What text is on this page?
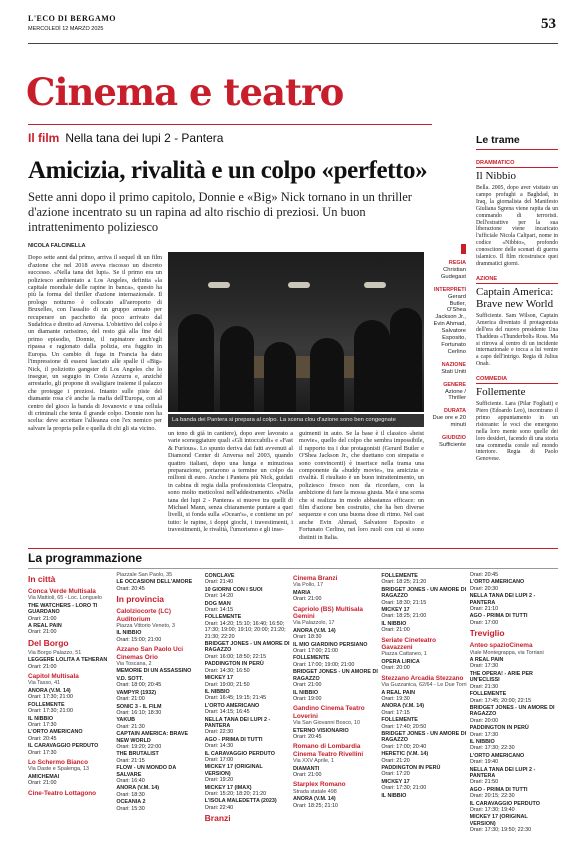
L'ECO DI BERGAMO
MERCOLEDÌ 12 MARZO 2025	53
Cinema e teatro
Il film Nella tana dei lupi 2 - Pantera
Amicizia, rivalità e un colpo «perfetto»
Sette anni dopo il primo capitolo, Donnie e «Big» Nick tornano in un thriller d'azione incentrato su un rapina ad alto rischio di preziosi. Un buon intrattenimento poliziesco
NICOLA FALCINELLA

Dopo sette anni dal primo, arriva il sequel di un film d'azione che nel 2018 aveva riscosso un discreto successo. «Nella tana dei lupi». Se il primo era un poliziesco ambientato a Los Angeles, definita «la capitale mondiale delle rapine in banca», questo ha più la forma del thriller d'azione internazionale. Il prologo notturno è collocato all'aeroporto di Bruxelles, con l'assalto di un gruppo armato per recuperare un pacchetto da poco arrivato dal Sudafrica e diretto ad Anversa. L'obiettivo del colpo è un diamante rarissimo, del resto già alla fine del primo episodio, Donnie, il rapinatore anch'egli ripassa e ragionato dalla polizia, era fuggito in Europa. Un cambio di fuga in Francia ha dato l'impressione di essersi lasciato alle spalle il «Big» Nick, il poliziotto gangster di Los Angeles che lo insegue, un segugio in Costa Azzurra e, anziché arrestarlo, gli propone di svaligiare insieme il palazzo che protegge i preziosi. Intanto sulle piste del diamante rosa c'è anche la mafia dell'Europa, con al centro del gioco la banda di Jovanovic e una cellula di criminali che tenta il grande colpo. Donnie non ha scelta: deve accettare l'alleanza con l'ex nemico per salvare la propria pelle e quella di chi gli sta vicino.

La banda dei Pantera si prepara al colpo. La scena clou d'azione sono ben congegnate

un tono di già in cantiere), dopo aver lavorato a varie sceneggiature quali «Gli intoccabili» e «Fast & Furious». Lo spunto deriva dai fatti avvenuti al Diamond Center di Anversa nel 2003, quando quattro italiani, dopo una lunga e minuziosa preparazione, portarono a termine un colpo da milioni di euro. Anche i Pantera più Nick, guidati in cabina di regia dalla professionista Cleopatra, sono molto meticolosi nell'addestramento. «Nella tana dei lupi 2 - Pantera» si muove tra quelli di Michael Mann, senza chiaramente puntare a quei livelli, si fonda sulla «Ocean's», e contiene un po' tutto: le rapine, i doppi giochi, i travestimenti, i travestimenti, le rivalità, l'umorismo e gli inse-

guimenti in auto. Se la base è il classico «heist movie», quello del colpo che sembra impossibile, il rapporto tra i due protagonisti (Gerard Butler e O'Shea Jackson Jr., che duettano con simpatia e sono convincenti) è inserisce nella trama una componente da «buddy movie», tra amicizia e rivalità. Il risultato è un buon intrattenimento, un poliziesco fresco non da ricordare, con la ambizione di fare la mossa giusta. Ma è una scena che si realizza in modo abbastanza efficace: un film d'azione ben costruito, che ha ben diverse sequenze e con una buona dose di ritmo. Nel cast anche Evin Ahmad, Salvatore Esposito e Fortunato Cerlino, nei loro ruoli con cui si sono distinti in Italia.

REGIA
Christian Gudegast
INTERPRETI
Gerard Butler, O'Shea Jackson Jr., Evin Ahmad, Salvatore Esposito, Fortunato Cerlino
NAZIONE
Stati Uniti
GENERE
Azione / Thriller
DURATA
Due ore e 20 minuti
GIUDIZIO
Sufficiente
Le trame
DRAMMATICO
Il Nibbio
Bella. 2005, dopo aver visitato un campo profughi a Baghdad, in Iraq, la giornalista del Manifesto Giuliana Sgrena viene rapita da un commando di terroristi. Dell'estrattive per la sua liberazione viene incaricato l'ufficiale Nicola Calipari, nome in codice «Nibbio», profondo conoscitore delle scenari di guerra islamico. Il film ricostruisce quei drammatici giorni.
AZIONE
Captain America: Brave new World
Sufficiente. Sam Wilson, Captain America diventato il protagonista dell'era del nuovo presidente Una Thaddeus «Thunderbolt» Ross. Ma si ritrova al centro di un incidente internazionale e tocca a lui venire a capo dell'intrigo. Regia di Julius Onah.
COMMEDIA
Follemente
Sufficiente. Lara (Pilar Fogliati) e Piero (Edoardo Leo), incontrano il primo appuntamento in un ristorante: le voci che emergono nella loro mente sono quelle dei loro desideri, facendo di una storia una commedia corale sul mondo interiore. Regia di Paolo Genovese.
La programmazione
In città
Conca Verde Multisala
Via Mattioli, 65 - Loc. Longuelo
THE WATCHERS - LORO TI GUARDANO
Orari: 21:00
A REAL PAIN
Orari: 21:00
Del Borgo
Via Borgo Palazzo, 51
LEGGERE LOLITA A TEHERAN
Orari: 21:00
Capitol Multisala
Via Tasso, 41
ANORA (V.M. 14)
Orari: 17:30; 21:00
FOLLEMENTE
Orari: 17:30; 21:00
IL NIBBIO
Orari: 17:30
L'ORTO AMERICANO
Orari: 20:45
IL CARAVAGGIO PERDUTO
Orari: 17:30
Lo Schermo Bianco
Via Daste e Spalenga, 13
AMICHEMAI
Orari: 21:00
Cine-Teatro Lottagono
Piazzale San Paolo, 35
LE OCCASIONI DELL'AMORE
Orari: 20:45
In provincia
Calolziocorte (LC) Auditorium
Piazza Vittorio Veneto, 3
IL NIBBIO
Orari: 15:00; 21:00
Azzano San Paolo Uci Cinemas Orio
Via Toscana, 2
MEMORIE DI UN ASSASSINO
V.D. SOTT.
Orari: 18:00; 20:45
VAMPYR (1932)
Orari: 21:00
SONIC 3 - IL FILM
Orari: 16:10; 18:30
YAKUB
Orari: 21:30
CAPTAIN AMERICA: BRAVE NEW WORLD
Orari: 19:20; 22:00
THE BRUTALIST
Orari: 21:15
FLOW - UN MONDO DA SALVARE
Orari: 16:40
ANORA (V.M. 14)
Orari: 18:30
OCEANIA 2
Orari: 15:30
CONCLAVE
Orari: 21:40
10 GIORNI CON I SUOI
Orari: 14:20
DOG MAN
Orari: 14:15
FOLLEMENTE
Orari: 14:20; 15:10; 16:40; 16:50; 17:30; 19:00; 19:10; 20:00; 21:20; 21:30; 22:20
BRIDGET JONES - UN AMORE DI RAGAZZO
Orari: 16:00; 18:50; 22:15
PADDINGTON IN PERÙ
Orari: 14:30; 16:50
MICKEY 17
Orari: 19:00; 21:50
IL NIBBIO
Orari: 16:45; 19:15; 21:45
L'ORTO AMERICANO
Orari: 14:15; 16:45
NELLA TANA DEI LUPI 2 - PANTERA
Orari: 22:30
AGO - PRIMA DI TUTTI
Orari: 14:30
IL CARAVAGGIO PERDUTO
Orari: 17:00
MICKEY 17 (ORIGINAL VERSION)
Orari: 19:20
MICKEY 17 (IMAX)
Orari: 15:20; 18:20; 21:20
L'ISOLA MALEDETTA (2023)
Orari: 22:40
Branzi
Cinema Branzi
Via Pollo, 17
MARIA
Orari: 21:00
Capriolo (BS) Multisala Gemini
Via Palazzolo, 17
ANORA (V.M. 14)
Orari: 18:30
IL MIO GIARDINO PERSIANO
Orari: 17:00; 21:00
FOLLEMENTE
Orari: 17:00; 19:00; 21:00
BRIDGET JONES - UN AMORE DI RAGAZZO
Orari: 21:00
IL NIBBIO
Orari: 19:00
Gandino Cinema Teatro Loverini
Via San Giovanni Bosco, 10
ETERNO VISIONARIO
Orari: 20:45
Romano di Lombardia Cinema Teatro Rivellini
Via XXV Aprile, 1
DIAMANTI
Orari: 21:00
Starplex Romano
Strada statale 498
ANORA (V.M. 14)
Orari: 18:25; 21:10
FOLLEMENTE
Orari: 18:25; 21:20
BRIDGET JONES - UN AMORE DI RAGAZZO
Orari: 18:30; 21:15
MICKEY 17
Orari: 18:25; 21:00
IL NIBBIO
Orari: 21:00
Seriate Cineteatro Gavazzeni
Piazza Cattaneo, 1
OPERA LIRICA
Orari: 20:00
Stezzano Arcadia Stezzano
Via Guzzanica, 62/64 - Le Due Torri
A REAL PAIN
Orari: 19:30
ANORA (V.M. 14)
Orari: 17:15
FOLLEMENTE
Orari: 17:40; 20:50
BRIDGET JONES - UN AMORE DI RAGAZZO
Orari: 17:00; 20:40
HERETIC (V.M. 14)
Orari: 21:20
PADDINGTON IN PERÙ
Orari: 17:20
MICKEY 17
Orari: 17:30; 21:00
IL NIBBIO
Orari: 20:45
L'ORTO AMERICANO
Orari: 20:30
NELLA TANA DEI LUPI 2 - PANTERA
Orari: 21:10
AGO - PRIMA DI TUTTI
Orari: 17:00
Treviglio
Anteo spazioCinema
Viale Montegrappa, via Torriani
A REAL PAIN
Orari: 17:30
THE OPERA! - ARIE PER UN'ECLISSI
Orari: 21:30
FOLLEMENTE
Orari: 17:45; 20:00; 22:15
BRIDGET JONES - UN AMORE DI RAGAZZO
Orari: 20:00
PADDINGTON IN PERÙ
Orari: 17:30
IL NIBBIO
Orari: 17:30; 22:30
L'ORTO AMERICANO
Orari: 19:40
NELLA TANA DEI LUPI 2 - PANTERA
Orari: 21:50
AGO - PRIMA DI TUTTI
Orari: 20:15; 22:30
IL CARAVAGGIO PERDUTO
Orari: 17:30; 19:40
MICKEY 17 (ORIGINAL VERSION)
Orari: 17:30; 19:50; 22:30
